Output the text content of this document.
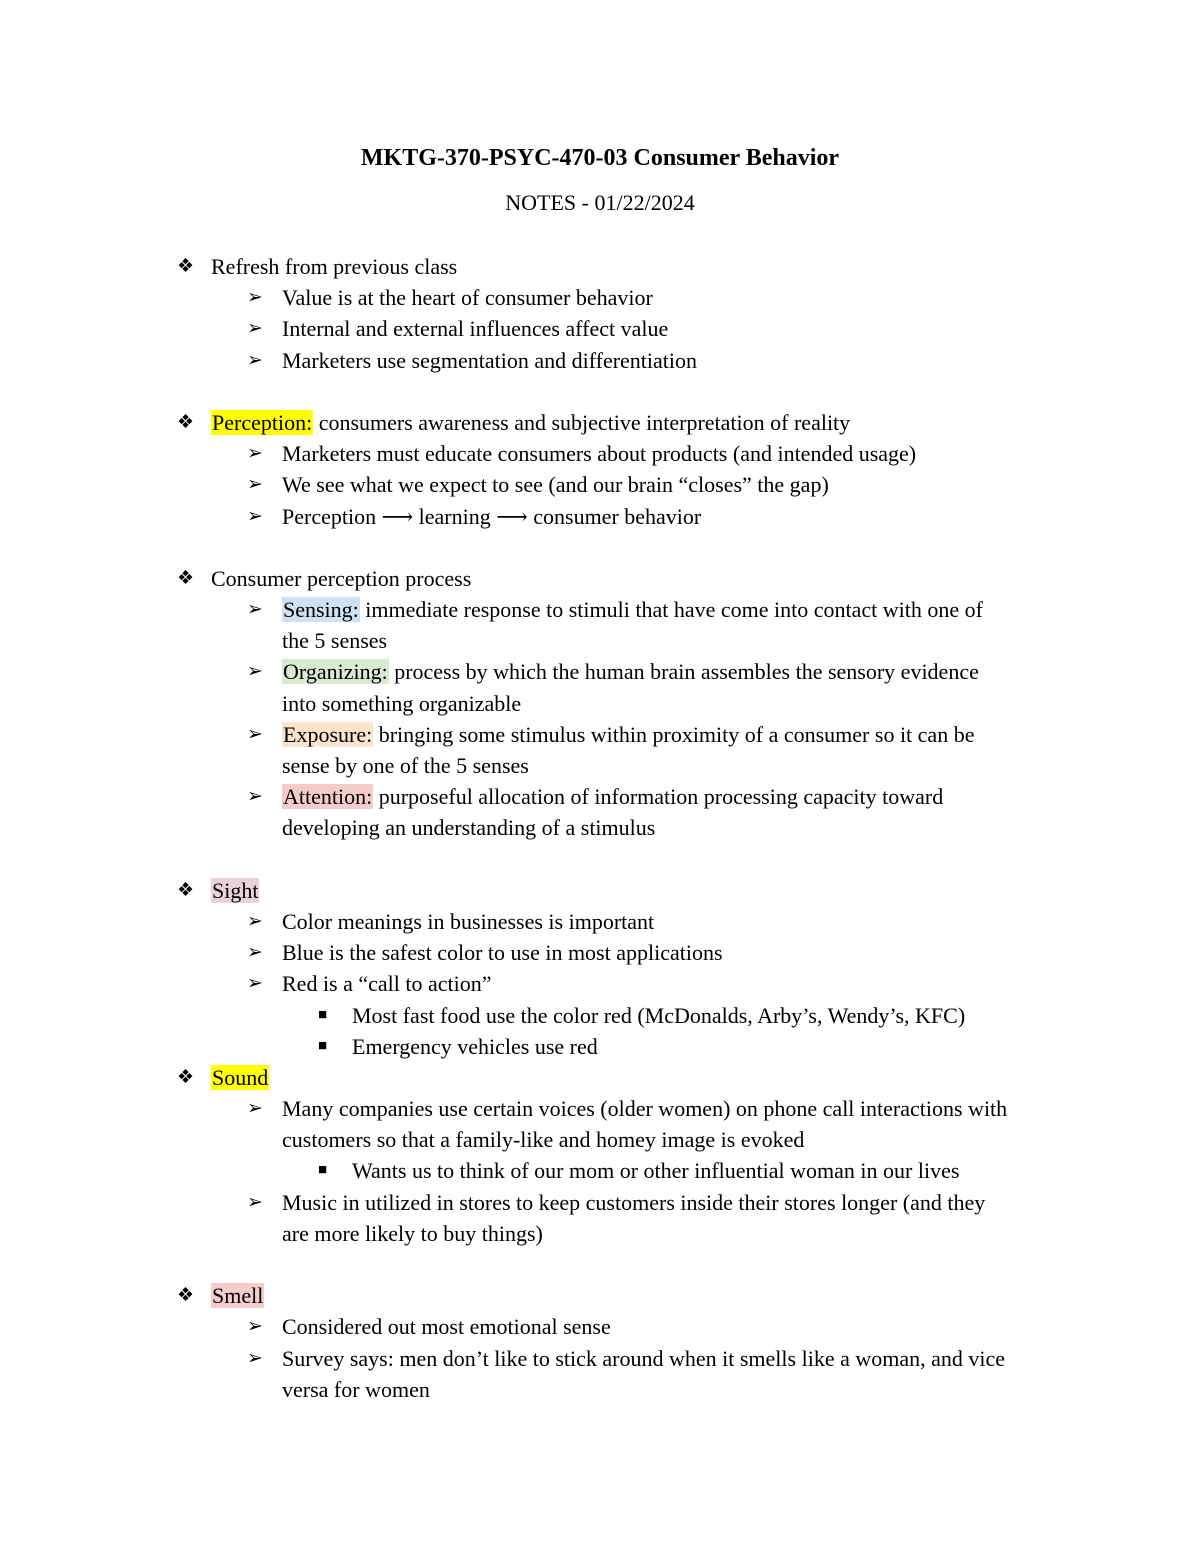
MKTG-370-PSYC-470-03 Consumer Behavior
NOTES - 01/22/2024
❖ Refresh from previous class
➢ Value is at the heart of consumer behavior
➢ Internal and external influences affect value
➢ Marketers use segmentation and differentiation
❖ Perception: consumers awareness and subjective interpretation of reality
➢ Marketers must educate consumers about products (and intended usage)
➢ We see what we expect to see (and our brain “closes” the gap)
➢ Perception ⟶ learning ⟶ consumer behavior
❖ Consumer perception process
➢ Sensing: immediate response to stimuli that have come into contact with one of
the 5 senses
➢ Organizing: process by which the human brain assembles the sensory evidence
into something organizable
➢ Exposure: bringing some stimulus within proximity of a consumer so it can be
sense by one of the 5 senses
➢ Attention: purposeful allocation of information processing capacity toward
developing an understanding of a stimulus
❖ Sight
➢ Color meanings in businesses is important
➢ Blue is the safest color to use in most applications
➢ Red is a “call to action”
■ Most fast food use the color red (McDonalds, Arby’s, Wendy’s, KFC)
■ Emergency vehicles use red
❖ Sound
➢ Many companies use certain voices (older women) on phone call interactions with
customers so that a family-like and homey image is evoked
■ Wants us to think of our mom or other influential woman in our lives
➢ Music in utilized in stores to keep customers inside their stores longer (and they
are more likely to buy things)
❖ Smell
➢ Considered out most emotional sense
➢ Survey says: men don’t like to stick around when it smells like a woman, and vice
versa for women
